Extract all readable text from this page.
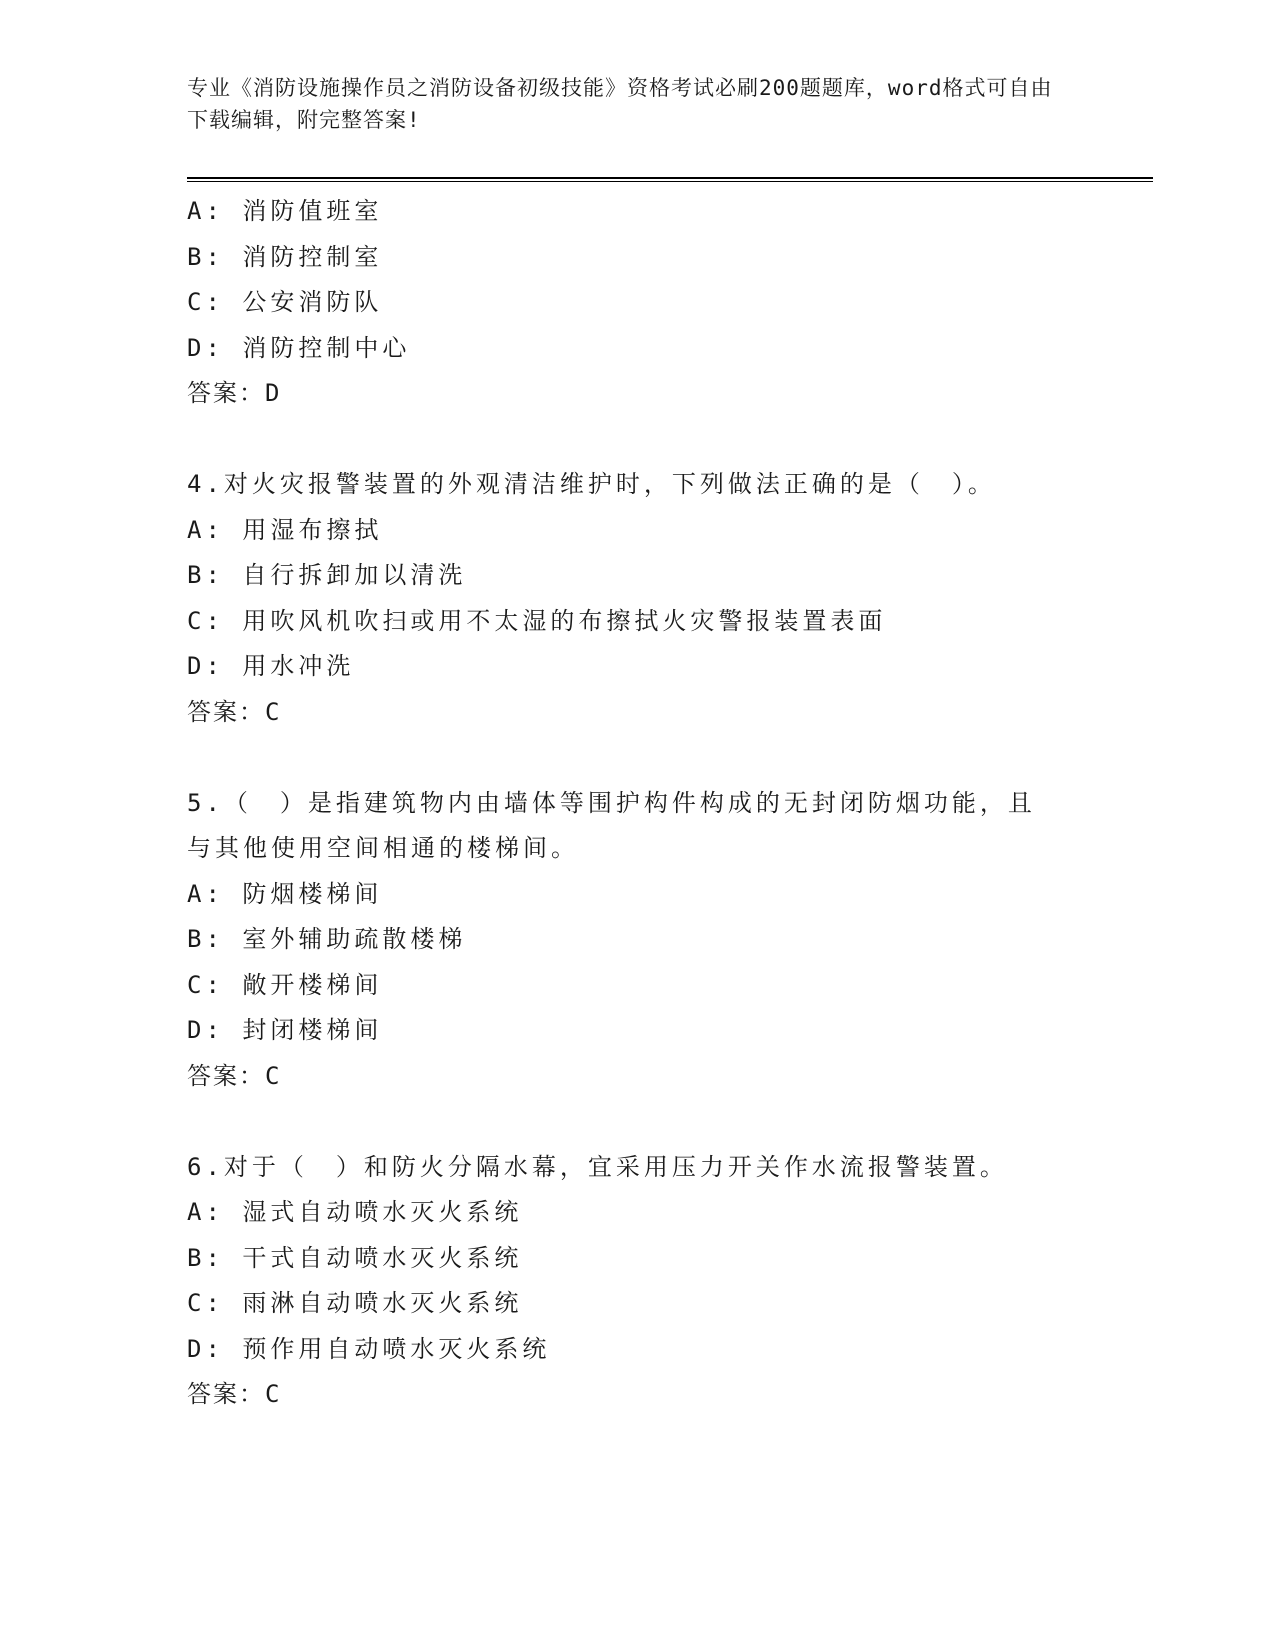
专业《消防设施操作员之消防设备初级技能》资格考试必刷200题题库，word格式可自由下载编辑，附完整答案!
A: 消防值班室
B: 消防控制室
C: 公安消防队
D: 消防控制中心
答案：D
4.对火灾报警装置的外观清洁维护时，下列做法正确的是（　）。
A: 用湿布擦拭
B: 自行拆卸加以清洗
C: 用吹风机吹扫或用不太湿的布擦拭火灾警报装置表面
D: 用水冲洗
答案：C
5.（　）是指建筑物内由墙体等围护构件构成的无封闭防烟功能，且
与其他使用空间相通的楼梯间。
A: 防烟楼梯间
B: 室外辅助疏散楼梯
C: 敞开楼梯间
D: 封闭楼梯间
答案：C
6.对于（　）和防火分隔水幕，宜采用压力开关作水流报警装置。
A: 湿式自动喷水灭火系统
B: 干式自动喷水灭火系统
C: 雨淋自动喷水灭火系统
D: 预作用自动喷水灭火系统
答案：C
